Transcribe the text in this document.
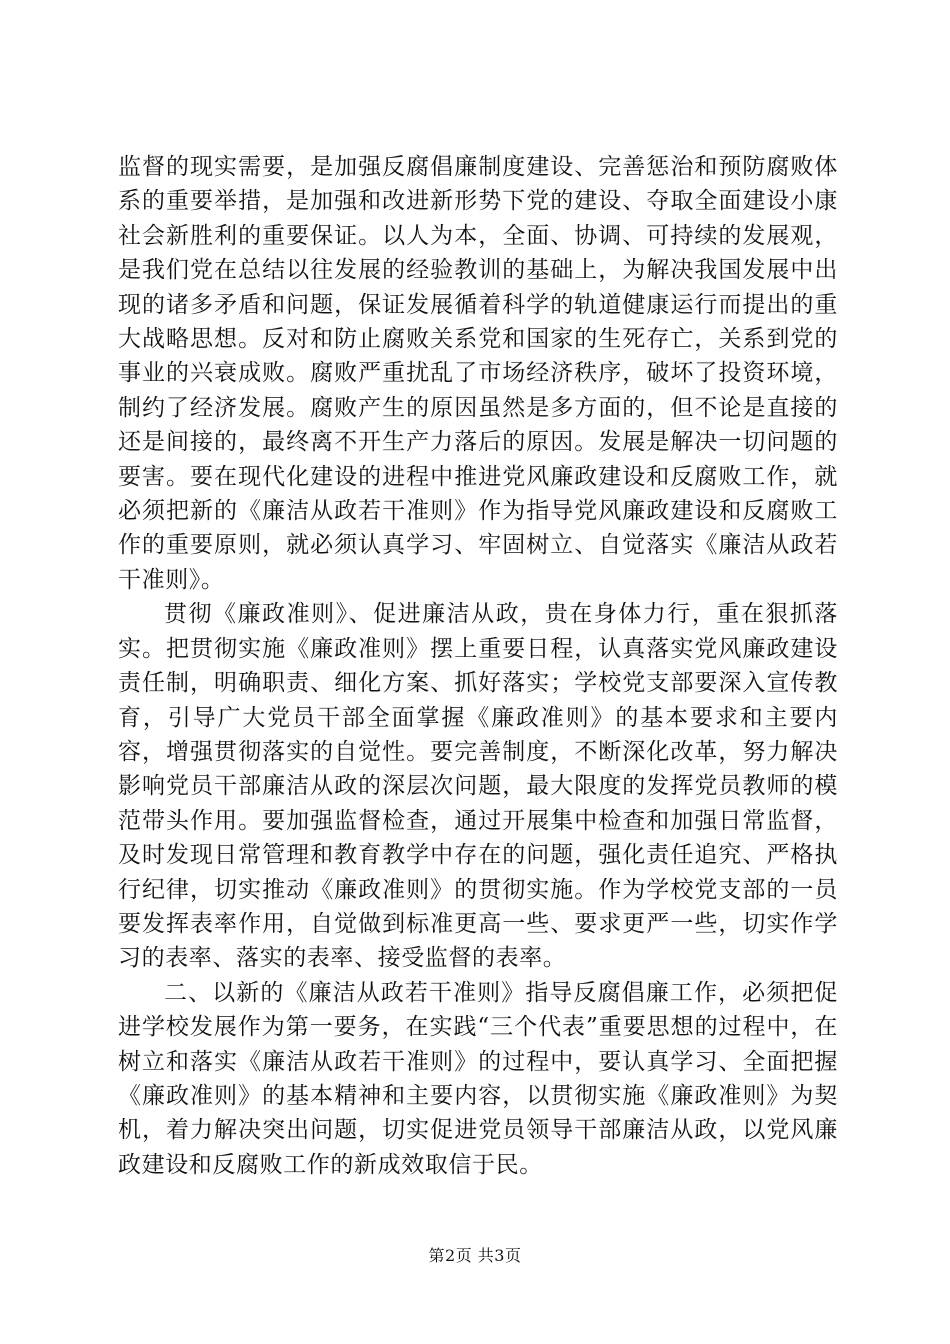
监督的现实需要，是加强反腐倡廉制度建设、完善惩治和预防腐败体系的重要举措，是加强和改进新形势下党的建设、夺取全面建设小康社会新胜利的重要保证。以人为本，全面、协调、可持续的发展观，是我们党在总结以往发展的经验教训的基础上，为解决我国发展中出现的诸多矛盾和问题，保证发展循着科学的轨道健康运行而提出的重大战略思想。反对和防止腐败关系党和国家的生死存亡，关系到党的事业的兴衰成败。腐败严重扰乱了市场经济秩序，破坏了投资环境，制约了经济发展。腐败产生的原因虽然是多方面的，但不论是直接的还是间接的，最终离不开生产力落后的原因。发展是解决一切问题的要害。要在现代化建设的进程中推进党风廉政建设和反腐败工作，就必须把新的《廉洁从政若干准则》作为指导党风廉政建设和反腐败工作的重要原则，就必须认真学习、牢固树立、自觉落实《廉洁从政若干准则》。

贯彻《廉政准则》、促进廉洁从政，贵在身体力行，重在狠抓落实。把贯彻实施《廉政准则》摆上重要日程，认真落实党风廉政建设责任制，明确职责、细化方案、抓好落实；学校党支部要深入宣传教育，引导广大党员干部全面掌握《廉政准则》的基本要求和主要内容，增强贯彻落实的自觉性。要完善制度，不断深化改革，努力解决影响党员干部廉洁从政的深层次问题，最大限度的发挥党员教师的模范带头作用。要加强监督检查，通过开展集中检查和加强日常监督，及时发现日常管理和教育教学中存在的问题，强化责任追究、严格执行纪律，切实推动《廉政准则》的贯彻实施。作为学校党支部的一员要发挥表率作用，自觉做到标准更高一些、要求更严一些，切实作学习的表率、落实的表率、接受监督的表率。

二、以新的《廉洁从政若干准则》指导反腐倡廉工作，必须把促进学校发展作为第一要务，在实践“三个代表”重要思想的过程中，在树立和落实《廉洁从政若干准则》的过程中，要认真学习、全面把握《廉政准则》的基本精神和主要内容，以贯彻实施《廉政准则》为契机，着力解决突出问题，切实促进党员领导干部廉洁从政，以党风廉政建设和反腐败工作的新成效取信于民。

第2页 共3页
